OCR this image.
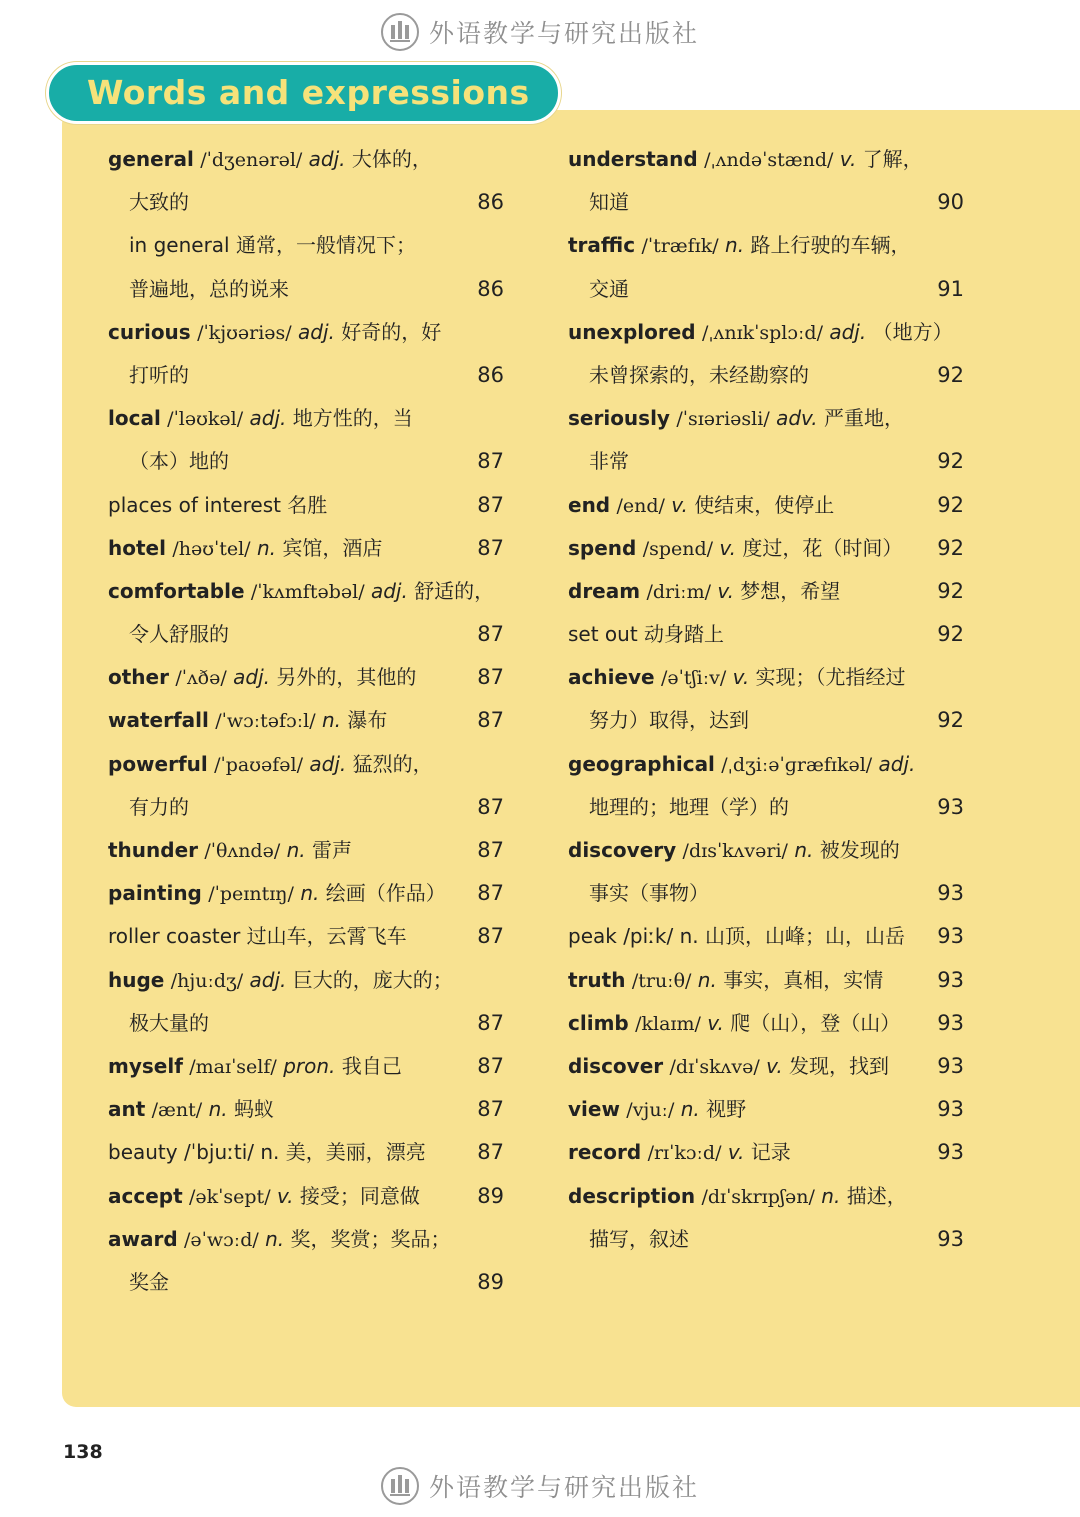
外语教学与研究出版社
Words and expressions
general /ˈdʒenərəl/ adj. 大体的，
大致的	86
in general 通常，一般情况下；
普遍地，总的说来	86
curious /ˈkjʊəriəs/ adj. 好奇的，好
打听的	86
local /ˈləʊkəl/ adj. 地方性的，当
（本）地的	87
places of interest 名胜	87
hotel /həʊˈtel/ n. 宾馆，酒店	87
comfortable /ˈkʌmftəbəl/ adj. 舒适的，
令人舒服的	87
other /ˈʌðə/ adj. 另外的，其他的	87
waterfall /ˈwɔːtəfɔːl/ n. 瀑布	87
powerful /ˈpaʊəfəl/ adj. 猛烈的，
有力的	87
thunder /ˈθʌndə/ n. 雷声	87
painting /ˈpeɪntɪŋ/ n. 绘画（作品） 87
roller coaster 过山车，云霄飞车	87
huge /hjuːdʒ/ adj. 巨大的，庞大的；
极大量的	87
myself /maɪˈself/ pron. 我自己	87
ant /ænt/ n. 蚂蚁	87
beauty /ˈbjuːti/ n. 美，美丽，漂亮 87
accept /əkˈsept/ v. 接受；同意做	89
award /əˈwɔːd/ n. 奖，奖赏；奖品；
奖金	89
understand /ˌʌndəˈstænd/ v. 了解，
知道	90
traffic /ˈtræfɪk/ n. 路上行驶的车辆，
交通	91
unexplored /ˌʌnɪkˈsplɔːd/ adj. （地方）
未曾探索的，未经勘察的	92
seriously /ˈsɪəriəsli/ adv. 严重地，
非常	92
end /end/ v. 使结束，使停止	92
spend /spend/ v. 度过，花（时间） 92
dream /driːm/ v. 梦想，希望	92
set out 动身踏上	92
achieve /əˈtʃiːv/ v. 实现；（尤指经过
努力）取得，达到	92
geographical /ˌdʒiːəˈɡræfɪkəl/ adj.
地理的；地理（学）的	93
discovery /dɪsˈkʌvəri/ n. 被发现的
事实（事物）	93
peak /piːk/ n. 山顶，山峰；山，山岳 93
truth /truːθ/ n. 事实，真相，实情	93
climb /klaɪm/ v. 爬（山），登（山） 93
discover /dɪˈskʌvə/ v. 发现，找到 93
view /vjuː/ n. 视野	93
record /rɪˈkɔːd/ v. 记录	93
description /dɪˈskrɪpʃən/ n. 描述，
描写，叙述	93
138
外语教学与研究出版社
